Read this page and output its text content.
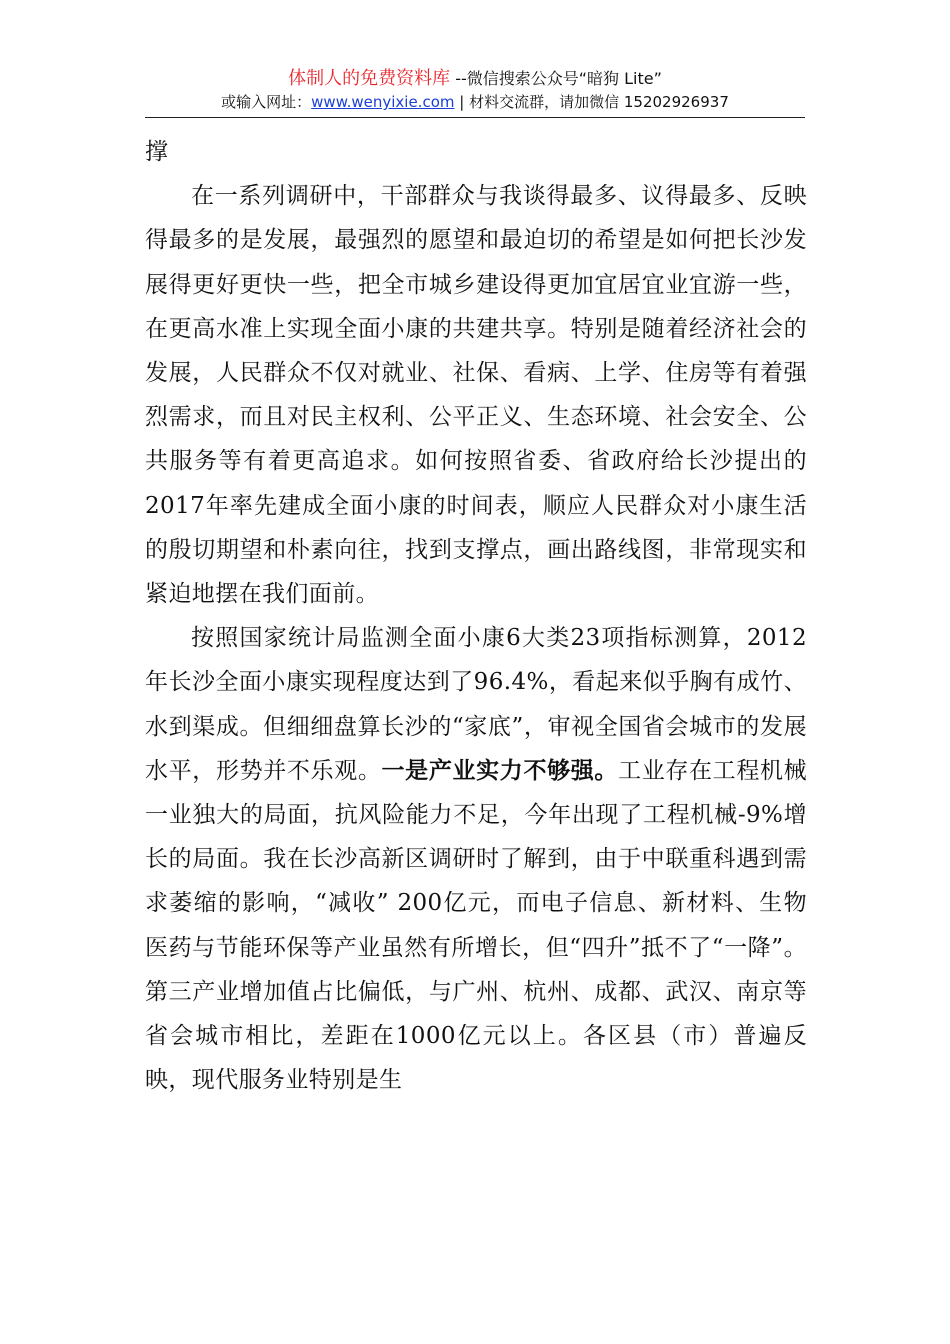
体制人的免费资料库 --微信搜索公众号“暗狗 Lite”
或输入网址：www.wenyixie.com | 材料交流群，请加微信 15202926937

撑

在一系列调研中，干部群众与我谈得最多、议得最多、反映得最多的是发展，最强烈的愿望和最迫切的希望是如何把长沙发展得更好更快一些，把全市城乡建设得更加宜居宜业宜游一些，在更高水准上实现全面小康的共建共享。特别是随着经济社会的发展，人民群众不仅对就业、社保、看病、上学、住房等有着强烈需求，而且对民主权利、公平正义、生态环境、社会安全、公共服务等有着更高追求。如何按照省委、省政府给长沙提出的2017年率先建成全面小康的时间表，顺应人民群众对小康生活的殷切期望和朴素向往，找到支撑点，画出路线图，非常现实和紧迫地摆在我们面前。

按照国家统计局监测全面小康6大类23项指标测算，2012年长沙全面小康实现程度达到了96.4%，看起来似乎胸有成竹、水到渠成。但细细盘算长沙的“家底”，审视全国省会城市的发展水平，形势并不乐观。一是产业实力不够强。工业存在工程机械一业独大的局面，抗风险能力不足，今年出现了工程机械-9%增长的局面。我在长沙高新区调研时了解到，由于中联重科遇到需求萎缩的影响，“减收” 200亿元，而电子信息、新材料、生物医药与节能环保等产业虽然有所增长，但“四升”抵不了“一降”。第三产业增加值占比偏低，与广州、杭州、成都、武汉、南京等省会城市相比，差距在1000亿元以上。各区县（市）普遍反映，现代服务业特别是生
